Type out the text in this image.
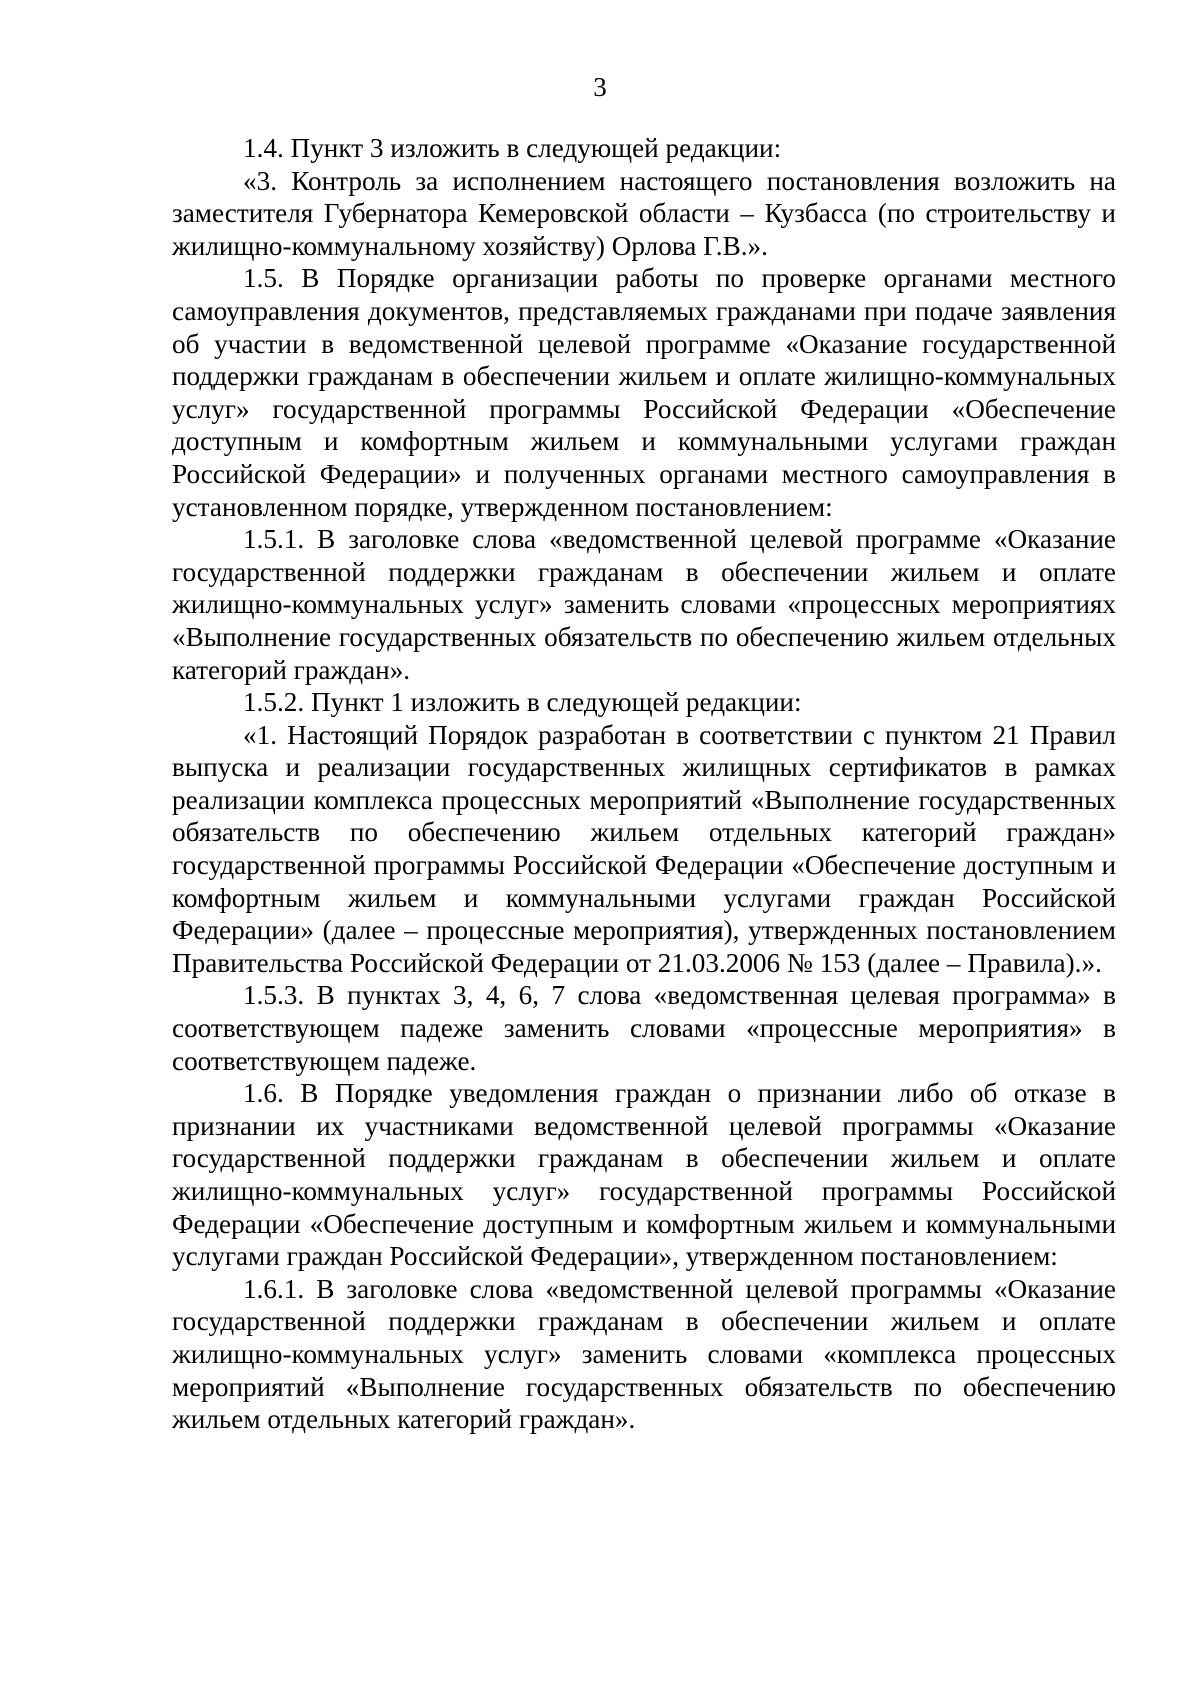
3

1.4. Пункт 3 изложить в следующей редакции:

«3. Контроль за исполнением настоящего постановления возложить на заместителя Губернатора Кемеровской области – Кузбасса (по строительству и жилищно-коммунальному хозяйству) Орлова Г.В.».

1.5. В Порядке организации работы по проверке органами местного самоуправления документов, представляемых гражданами при подаче заявления об участии в ведомственной целевой программе «Оказание государственной поддержки гражданам в обеспечении жильем и оплате жилищно-коммунальных услуг» государственной программы Российской Федерации «Обеспечение доступным и комфортным жильем и коммунальными услугами граждан Российской Федерации» и полученных органами местного самоуправления в установленном порядке, утвержденном постановлением:

1.5.1. В заголовке слова «ведомственной целевой программе «Оказание государственной поддержки гражданам в обеспечении жильем и оплате жилищно-коммунальных услуг» заменить словами «процессных мероприятиях «Выполнение государственных обязательств по обеспечению жильем отдельных категорий граждан».

1.5.2. Пункт 1 изложить в следующей редакции:

«1. Настоящий Порядок разработан в соответствии с пунктом 21 Правил выпуска и реализации государственных жилищных сертификатов в рамках реализации комплекса процессных мероприятий «Выполнение государственных обязательств по обеспечению жильем отдельных категорий граждан» государственной программы Российской Федерации «Обеспечение доступным и комфортным жильем и коммунальными услугами граждан Российской Федерации» (далее – процессные мероприятия), утвержденных постановлением Правительства Российской Федерации от 21.03.2006 № 153 (далее – Правила).».

1.5.3. В пунктах 3, 4, 6, 7 слова «ведомственная целевая программа» в соответствующем падеже заменить словами «процессные мероприятия» в соответствующем падеже.

1.6. В Порядке уведомления граждан о признании либо об отказе в признании их участниками ведомственной целевой программы «Оказание государственной поддержки гражданам в обеспечении жильем и оплате жилищно-коммунальных услуг» государственной программы Российской Федерации «Обеспечение доступным и комфортным жильем и коммунальными услугами граждан Российской Федерации», утвержденном постановлением:

1.6.1. В заголовке слова «ведомственной целевой программы «Оказание государственной поддержки гражданам в обеспечении жильем и оплате жилищно-коммунальных услуг» заменить словами «комплекса процессных мероприятий «Выполнение государственных обязательств по обеспечению жильем отдельных категорий граждан».
